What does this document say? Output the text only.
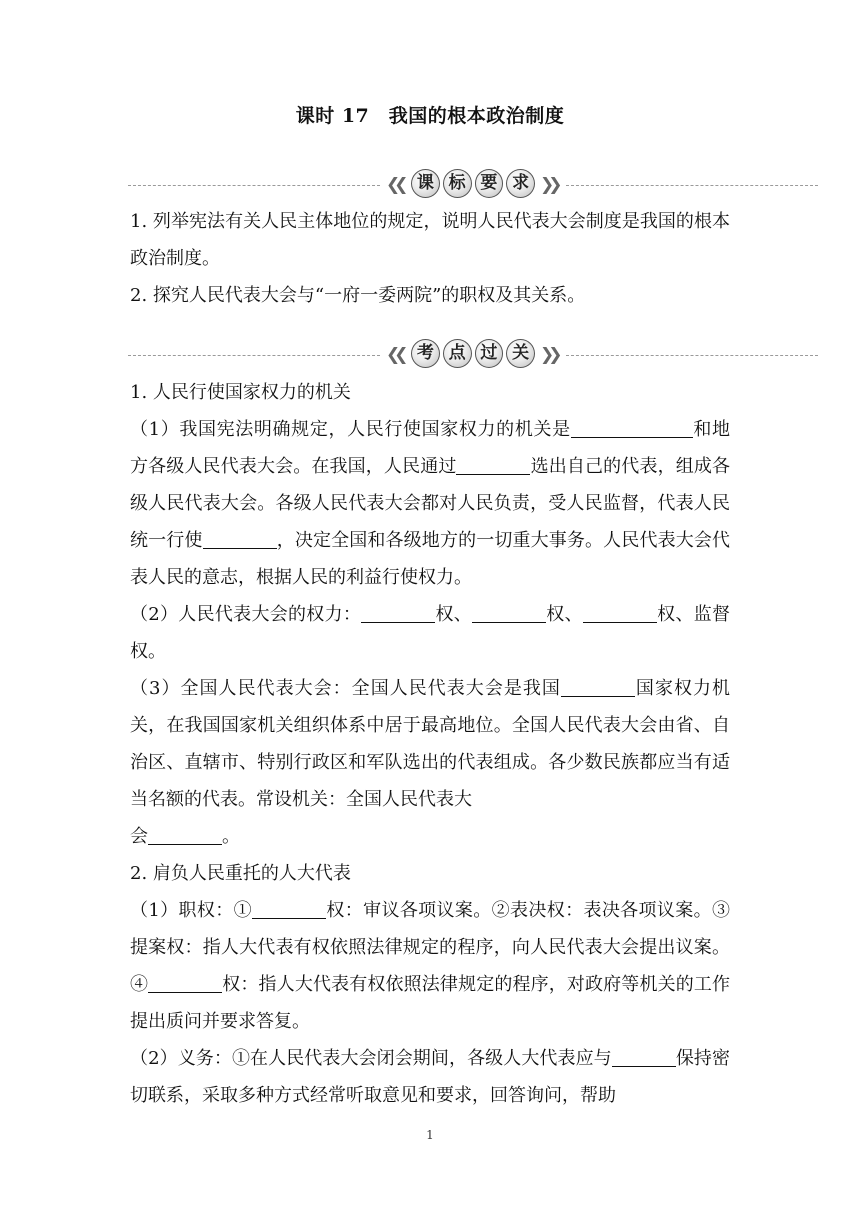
课时 17　我国的根本政治制度
❮❮ 课 标 要 求 ❯❯

1. 列举宪法有关人民主体地位的规定，说明人民代表大会制度是我国的根本政治制度。

2. 探究人民代表大会与“一府一委两院”的职权及其关系。

❮❮ 考 点 过 关 ❯❯

1. 人民行使国家权力的机关

（1）我国宪法明确规定，人民行使国家权力的机关是	和地方各级人民代表大会。在我国，人民通过	选出自己的代表，组成各级人民代表大会。各级人民代表大会都对人民负责，受人民监督，代表人民统一行使	，决定全国和各级地方的一切重大事务。人民代表大会代表人民的意志，根据人民的利益行使权力。

（2）人民代表大会的权力：	权、	权、	权、监督权。

（3）全国人民代表大会：全国人民代表大会是我国	国家权力机关，在我国国家机关组织体系中居于最高地位。全国人民代表大会由省、自治区、直辖市、特别行政区和军队选出的代表组成。各少数民族都应当有适当名额的代表。常设机关：全国人民代表大
会	。

2. 肩负人民重托的人大代表

（1）职权：①	权：审议各项议案。②表决权：表决各项议案。③提案权：指人大代表有权依照法律规定的程序，向人民代表大会提出议案。④	权：指人大代表有权依照法律规定的程序，对政府等机关的工作提出质问并要求答复。

（2）义务：①在人民代表大会闭会期间，各级人大代表应与	保持密切联系，采取多种方式经常听取意见和要求，回答询问，帮助

1
